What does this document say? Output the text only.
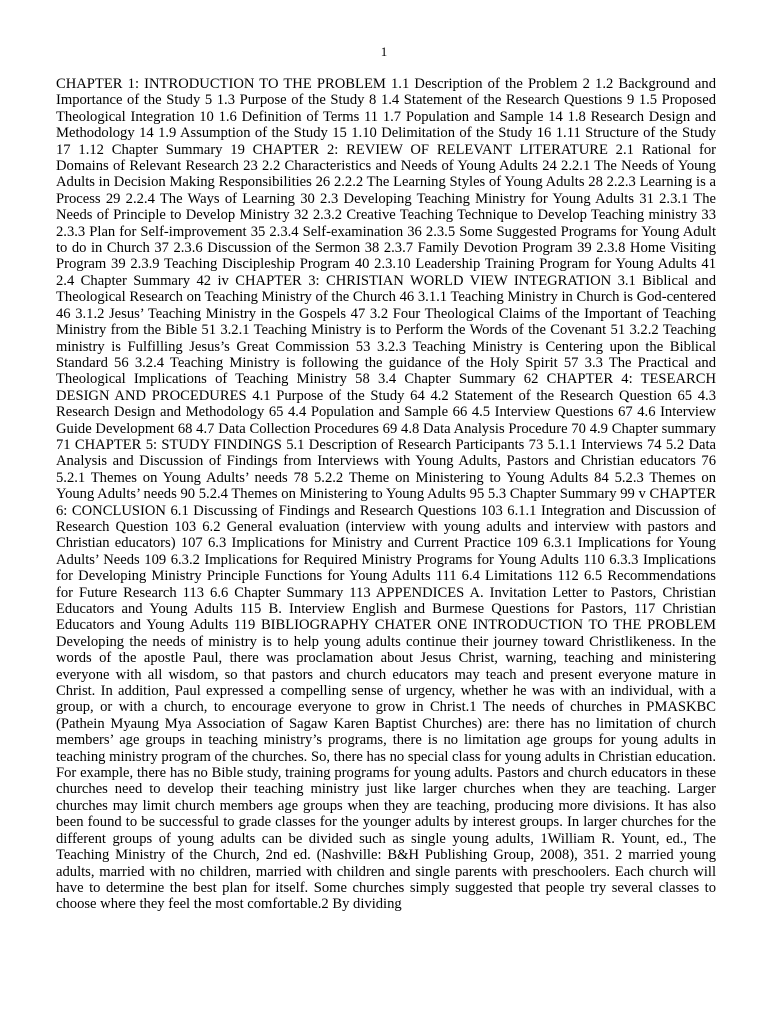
1

CHAPTER 1: INTRODUCTION TO THE PROBLEM 1.1 Description of the Problem 2 1.2 Background and Importance of the Study 5 1.3 Purpose of the Study 8 1.4 Statement of the Research Questions 9 1.5 Proposed Theological Integration 10 1.6 Definition of Terms 11 1.7 Population and Sample 14 1.8 Research Design and Methodology 14 1.9 Assumption of the Study 15 1.10 Delimitation of the Study 16 1.11 Structure of the Study 17 1.12 Chapter Summary 19 CHAPTER 2: REVIEW OF RELEVANT LITERATURE 2.1 Rational for Domains of Relevant Research 23 2.2 Characteristics and Needs of Young Adults 24 2.2.1 The Needs of Young Adults in Decision Making Responsibilities 26 2.2.2 The Learning Styles of Young Adults 28 2.2.3 Learning is a Process 29 2.2.4 The Ways of Learning 30 2.3 Developing Teaching Ministry for Young Adults 31 2.3.1 The Needs of Principle to Develop Ministry 32 2.3.2 Creative Teaching Technique to Develop Teaching ministry 33 2.3.3 Plan for Self-improvement 35 2.3.4 Self-examination 36 2.3.5 Some Suggested Programs for Young Adult to do in Church 37 2.3.6 Discussion of the Sermon 38 2.3.7 Family Devotion Program 39 2.3.8 Home Visiting Program 39 2.3.9 Teaching Discipleship Program 40 2.3.10 Leadership Training Program for Young Adults 41 2.4 Chapter Summary 42 iv CHAPTER 3: CHRISTIAN WORLD VIEW INTEGRATION 3.1 Biblical and Theological Research on Teaching Ministry of the Church 46 3.1.1 Teaching Ministry in Church is God-centered 46 3.1.2 Jesus’ Teaching Ministry in the Gospels 47 3.2 Four Theological Claims of the Important of Teaching Ministry from the Bible 51 3.2.1 Teaching Ministry is to Perform the Words of the Covenant 51 3.2.2 Teaching ministry is Fulfilling Jesus’s Great Commission 53 3.2.3 Teaching Ministry is Centering upon the Biblical Standard 56 3.2.4 Teaching Ministry is following the guidance of the Holy Spirit 57 3.3 The Practical and Theological Implications of Teaching Ministry 58 3.4 Chapter Summary 62 CHAPTER 4: TESEARCH DESIGN AND PROCEDURES 4.1 Purpose of the Study 64 4.2 Statement of the Research Question 65 4.3 Research Design and Methodology 65 4.4 Population and Sample 66 4.5 Interview Questions 67 4.6 Interview Guide Development 68 4.7 Data Collection Procedures 69 4.8 Data Analysis Procedure 70 4.9 Chapter summary 71 CHAPTER 5: STUDY FINDINGS 5.1 Description of Research Participants 73 5.1.1 Interviews 74 5.2 Data Analysis and Discussion of Findings from Interviews with Young Adults, Pastors and Christian educators 76 5.2.1 Themes on Young Adults’ needs 78 5.2.2 Theme on Ministering to Young Adults 84 5.2.3 Themes on Young Adults’ needs 90 5.2.4 Themes on Ministering to Young Adults 95 5.3 Chapter Summary 99 v CHAPTER 6: CONCLUSION 6.1 Discussing of Findings and Research Questions 103 6.1.1 Integration and Discussion of Research Question 103 6.2 General evaluation (interview with young adults and interview with pastors and Christian educators) 107 6.3 Implications for Ministry and Current Practice 109 6.3.1 Implications for Young Adults’ Needs 109 6.3.2 Implications for Required Ministry Programs for Young Adults 110 6.3.3 Implications for Developing Ministry Principle Functions for Young Adults 111 6.4 Limitations 112 6.5 Recommendations for Future Research 113 6.6 Chapter Summary 113 APPENDICES A. Invitation Letter to Pastors, Christian Educators and Young Adults 115 B. Interview English and Burmese Questions for Pastors, 117 Christian Educators and Young Adults 119 BIBLIOGRAPHY CHATER ONE INTRODUCTION TO THE PROBLEM Developing the needs of ministry is to help young adults continue their journey toward Christlikeness. In the words of the apostle Paul, there was proclamation about Jesus Christ, warning, teaching and ministering everyone with all wisdom, so that pastors and church educators may teach and present everyone mature in Christ. In addition, Paul expressed a compelling sense of urgency, whether he was with an individual, with a group, or with a church, to encourage everyone to grow in Christ.1 The needs of churches in PMASKBC (Pathein Myaung Mya Association of Sagaw Karen Baptist Churches) are: there has no limitation of church members’ age groups in teaching ministry’s programs, there is no limitation age groups for young adults in teaching ministry program of the churches. So, there has no special class for young adults in Christian education. For example, there has no Bible study, training programs for young adults. Pastors and church educators in these churches need to develop their teaching ministry just like larger churches when they are teaching. Larger churches may limit church members age groups when they are teaching, producing more divisions. It has also been found to be successful to grade classes for the younger adults by interest groups. In larger churches for the different groups of young adults can be divided such as single young adults, 1William R. Yount, ed., The Teaching Ministry of the Church, 2nd ed. (Nashville: B&H Publishing Group, 2008), 351. 2 married young adults, married with no children, married with children and single parents with preschoolers. Each church will have to determine the best plan for itself. Some churches simply suggested that people try several classes to choose where they feel the most comfortable.2 By dividing
